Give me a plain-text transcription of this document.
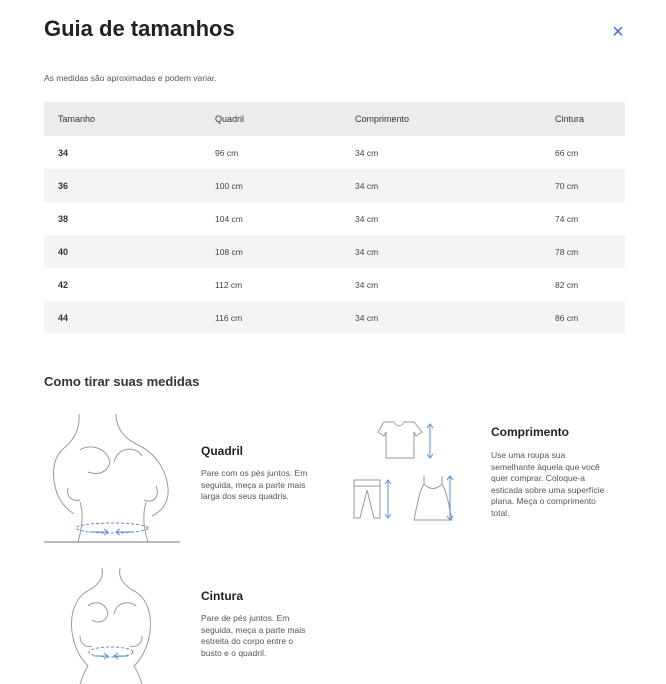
Guia de tamanhos	×
As medidas são aproximadas e podem variar.
Tamanho	Quadril	Comprimento	Cintura
34	96 cm	34 cm	66 cm
36	100 cm	34 cm	70 cm
38	104 cm	34 cm	74 cm
40	108 cm	34 cm	78 cm
42	112 cm	34 cm	82 cm
44	116 cm	34 cm	86 cm
Como tirar suas medidas
Quadril
Pare com os pés juntos. Em
seguida, meça a parte mais
larga dos seus quadris.
Comprimento
Use uma roupa sua
semelhante àquela que você
quer comprar. Coloque-a
esticada sobre uma superfície
plana. Meça o comprimento
total.
Cintura
Pare de pés juntos. Em
seguida, meça a parte mais
estreita do corpo entre o
busto e o quadril.
